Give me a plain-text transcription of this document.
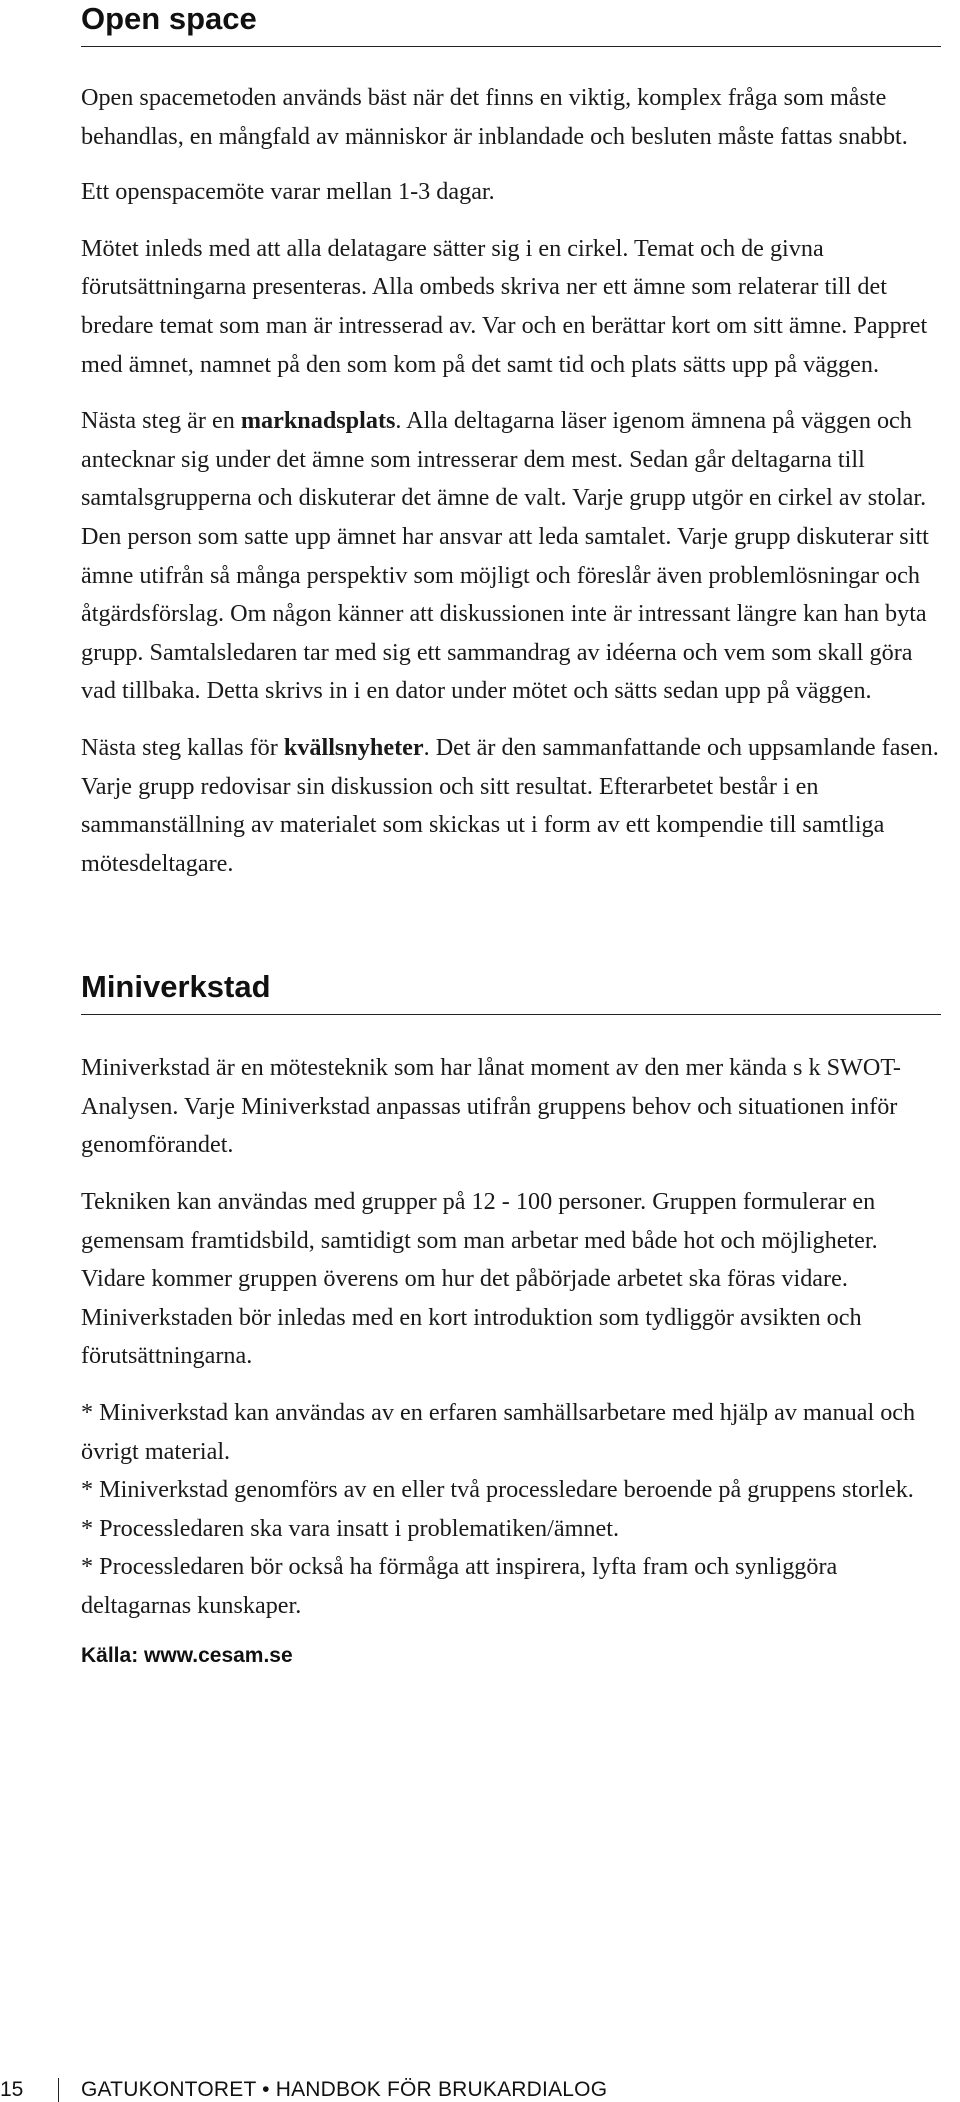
Open space

Open spacemetoden används bäst när det finns en viktig, komplex fråga som måste behandlas, en mångfald av människor är inblandade och besluten måste fattas snabbt.

Ett openspacemöte varar mellan 1-3 dagar.

Mötet inleds med att alla delatagare sätter sig i en cirkel. Temat och de givna förutsättningarna presenteras. Alla ombeds skriva ner ett ämne som relaterar till det bredare temat som man är intresserad av. Var och en berättar kort om sitt ämne. Pappret med ämnet, namnet på den som kom på det samt tid och plats sätts upp på väggen.

Nästa steg är en marknadsplats. Alla deltagarna läser igenom ämnena på väggen och antecknar sig under det ämne som intresserar dem mest. Sedan går deltagarna till samtalsgrupperna och diskuterar det ämne de valt. Varje grupp utgör en cirkel av stolar. Den person som satte upp ämnet har ansvar att leda samtalet. Varje grupp diskuterar sitt ämne utifrån så många perspektiv som möjligt och föreslår även problemlösningar och åtgärdsförslag. Om någon känner att diskussionen inte är intressant längre kan han byta grupp. Samtalsledaren tar med sig ett sammandrag av idéerna och vem som skall göra vad tillbaka. Detta skrivs in i en dator under mötet och sätts sedan upp på väggen.

Nästa steg kallas för kvällsnyheter. Det är den sammanfattande och uppsamlande fasen. Varje grupp redovisar sin diskussion och sitt resultat. Efterarbetet består i en sammanställning av materialet som skickas ut i form av ett kompendie till samtliga mötesdeltagare.

Miniverkstad

Miniverkstad är en mötesteknik som har lånat moment av den mer kända s k SWOT-Analysen. Varje Miniverkstad anpassas utifrån gruppens behov och situationen inför genomförandet.

Tekniken kan användas med grupper på 12 - 100 personer. Gruppen formulerar en gemensam framtidsbild, samtidigt som man arbetar med både hot och möjligheter. Vidare kommer gruppen överens om hur det påbörjade arbetet ska föras vidare. Miniverkstaden bör inledas med en kort introduktion som tydliggör avsikten och förutsättningarna.

* Miniverkstad kan användas av en erfaren samhällsarbetare med hjälp av manual och övrigt material.

* Miniverkstad genomförs av en eller två processledare beroende på gruppens storlek.

* Processledaren ska vara insatt i problematiken/ämnet.

* Processledaren bör också ha förmåga att inspirera, lyfta fram och synliggöra deltagarnas kunskaper.

Källa: www.cesam.se

15	GATUKONTORET • HANDBOK FÖR BRUKARDIALOG
